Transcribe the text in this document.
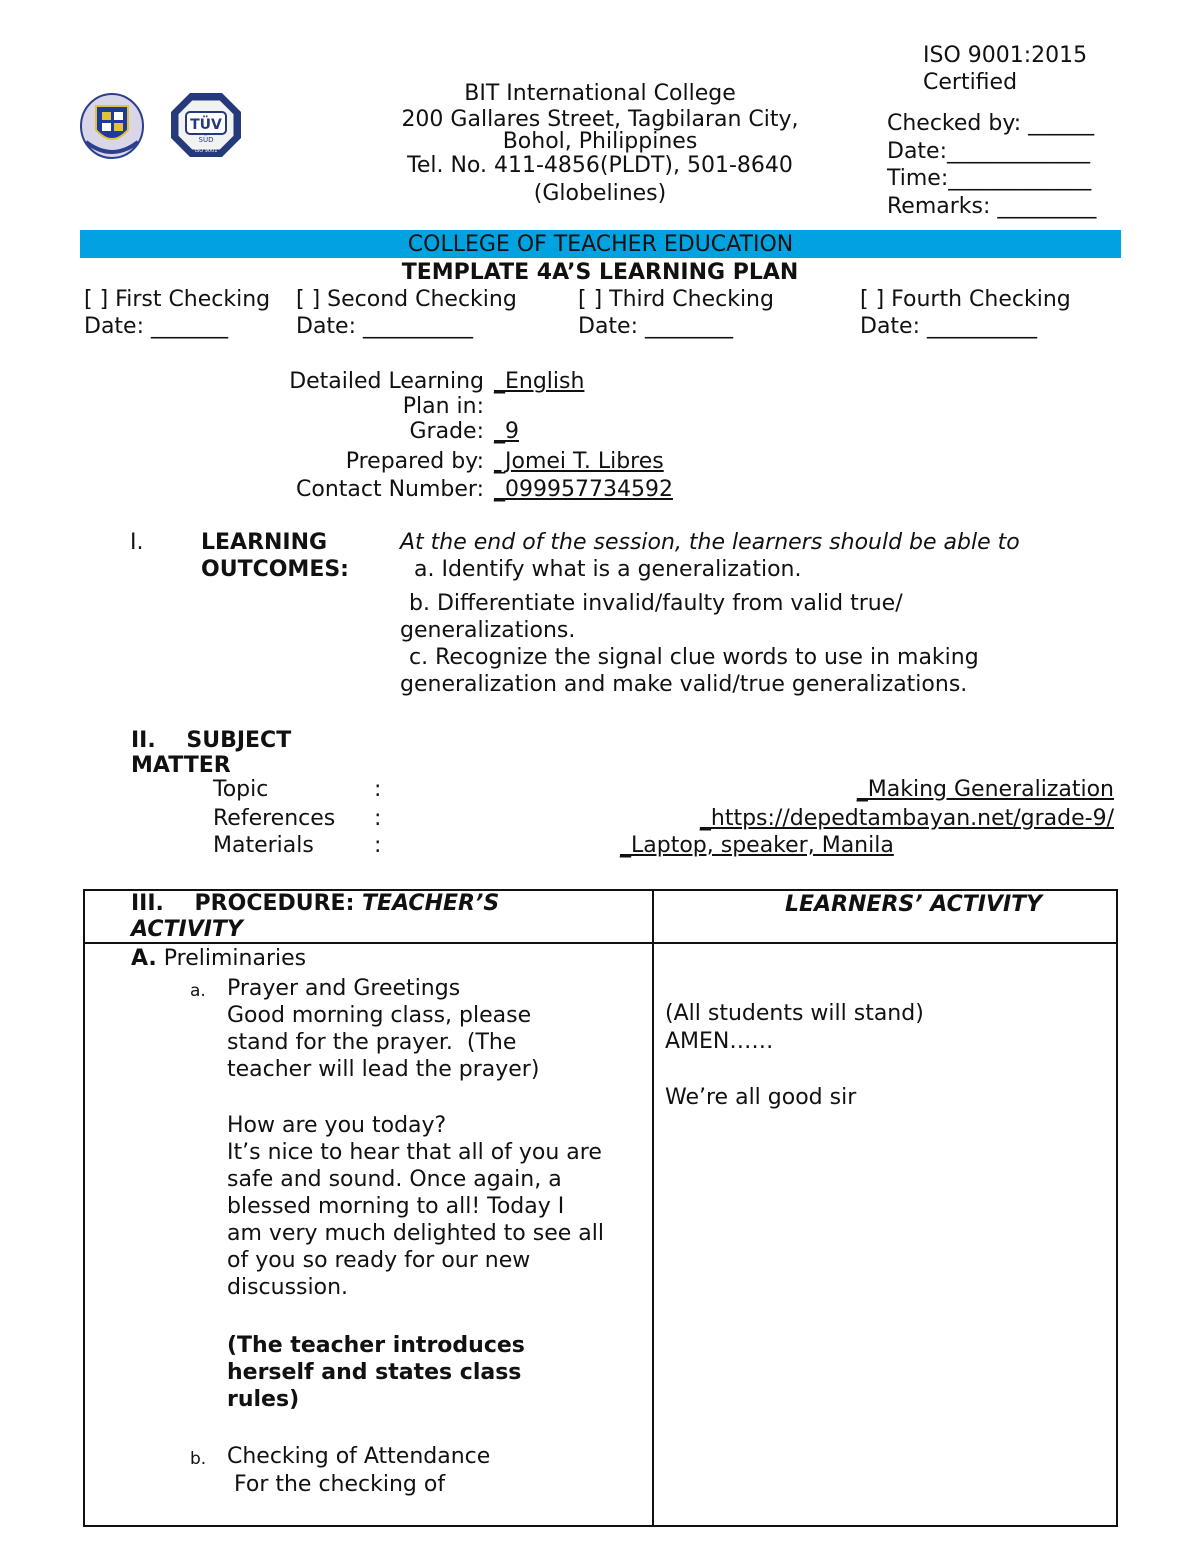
TÜV
SÜD
ISO 9001
BIT International College
200 Gallares Street, Tagbilaran City,
Bohol, Philippines
Tel. No. 411-4856(PLDT), 501-8640
(Globelines)
ISO 9001:2015
Certified
Checked by: ______
Date:_____________
Time:_____________
Remarks: _________
COLLEGE OF TEACHER EDUCATION
TEMPLATE 4A’S LEARNING PLAN
[ ] First Checking
Date: _______
[ ] Second Checking
Date: __________
[ ] Third Checking
Date: ________
[ ] Fourth Checking
Date: __________
Detailed Learning
Plan in:
Grade:
Prepared by:
Contact Number:
_English
_9
_Jomei T. Libres
_099957734592
I.	LEARNING
OUTCOMES:
At the end of the session, the learners should be able to
a. Identify what is a generalization.
b. Differentiate invalid/faulty from valid true/
generalizations.
c. Recognize the signal clue words to use in making
generalization and make valid/true generalizations.
II.    SUBJECT
MATTER
Topic
References
Materials
:
:
:
_Making Generalization
_https://depedtambayan.net/grade-9/
_Laptop, speaker, Manila
III.    PROCEDURE: TEACHER’S
ACTIVITY
LEARNERS’ ACTIVITY
A. Preliminaries
a. Prayer and Greetings
Good morning class, please
stand for the prayer.  (The
teacher will lead the prayer)
How are you today?
It’s nice to hear that all of you are
safe and sound. Once again, a
blessed morning to all! Today I
am very much delighted to see all
of you so ready for our new
discussion.
(The teacher introduces
herself and states class
rules)
b. Checking of Attendance
For the checking of
(All students will stand)
AMEN……
We’re all good sir
